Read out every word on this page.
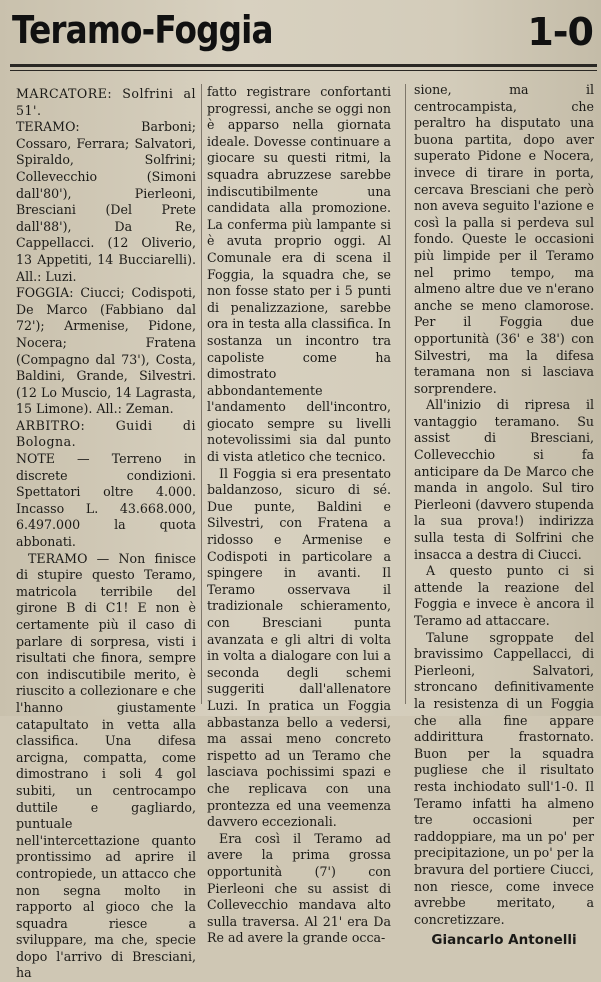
Teramo-Foggia	1-0

MARCATORE: Solfrini al 51'.

TERAMO: Barboni; Cossaro, Ferrara; Salvatori, Spiraldo, Solfrini; Collevecchio (Simoni dall'80'), Pierleoni, Bresciani (Del Prete dall'88'), Da Re, Cappellacci. (12 Oliverio, 13 Appetiti, 14 Bucciarelli). All.: Luzi.

FOGGIA: Ciucci; Codispoti, De Marco (Fabbiano dal 72'); Armenise, Pidone, Nocera; Fratena (Compagno dal 73'), Costa, Baldini, Grande, Silvestri. (12 Lo Muscio, 14 Lagrasta, 15 Limone). All.: Zeman.

ARBITRO: Guidi di Bologna.

NOTE — Terreno in discrete condizioni. Spettatori oltre 4.000. Incasso L. 43.668.000, 6.497.000 la quota abbonati.

TERAMO — Non finisce di stupire questo Teramo, matricola terribile del girone B di C1! E non è certamente più il caso di parlare di sorpresa, visti i risultati che finora, sempre con indiscutibile merito, è riuscito a collezionare e che l'hanno giustamente catapultato in vetta alla classifica. Una difesa arcigna, compatta, come dimostrano i soli 4 gol subiti, un centrocampo duttile e gagliardo, puntuale nell'intercettazione quanto prontissimo ad aprire il contropiede, un attacco che non segna molto in rapporto al gioco che la squadra riesce a sviluppare, ma che, specie dopo l'arrivo di Bresciani, ha

fatto registrare confortanti progressi, anche se oggi non è apparso nella giornata ideale. Dovesse continuare a giocare su questi ritmi, la squadra abruzzese sarebbe indiscutibilmente una candidata alla promozione. La conferma più lampante si è avuta proprio oggi. Al Comunale era di scena il Foggia, la squadra che, se non fosse stato per i 5 punti di penalizzazione, sarebbe ora in testa alla classifica. In sostanza un incontro tra capoliste come ha dimostrato abbondantemente l'andamento dell'incontro, giocato sempre su livelli notevolissimi sia dal punto di vista atletico che tecnico.

Il Foggia si era presentato baldanzoso, sicuro di sé. Due punte, Baldini e Silvestri, con Fratena a ridosso e Armenise e Codispoti in particolare a spingere in avanti. Il Teramo osservava il tradizionale schieramento, con Bresciani punta avanzata e gli altri di volta in volta a dialogare con lui a seconda degli schemi suggeriti dall'allenatore Luzi. In pratica un Foggia abbastanza bello a vedersi, ma assai meno concreto rispetto ad un Teramo che lasciava pochissimi spazi e che replicava con una prontezza ed una veemenza davvero eccezionali.

Era così il Teramo ad avere la prima grossa opportunità (7') con Pierleoni che su assist di Collevecchio mandava alto sulla traversa. Al 21' era Da Re ad avere la grande occa-

sione, ma il centrocampista, che peraltro ha disputato una buona partita, dopo aver superato Pidone e Nocera, invece di tirare in porta, cercava Bresciani che però non aveva seguito l'azione e così la palla si perdeva sul fondo. Queste le occasioni più limpide per il Teramo nel primo tempo, ma almeno altre due ve n'erano anche se meno clamorose. Per il Foggia due opportunità (36' e 38') con Silvestri, ma la difesa teramana non si lasciava sorprendere.

All'inizio di ripresa il vantaggio teramano. Su assist di Bresciani, Collevecchio si fa anticipare da De Marco che manda in angolo. Sul tiro Pierleoni (davvero stupenda la sua prova!) indirizza sulla testa di Solfrini che insacca a destra di Ciucci.

A questo punto ci si attende la reazione del Foggia e invece è ancora il Teramo ad attaccare.

Talune sgroppate del bravissimo Cappellacci, di Pierleoni, Salvatori, stroncano definitivamente la resistenza di un Foggia che alla fine appare addirittura frastornato. Buon per la squadra pugliese che il risultato resta inchiodato sull'1-0. Il Teramo infatti ha almeno tre occasioni per raddoppiare, ma un po' per precipitazione, un po' per la bravura del portiere Ciucci, non riesce, come invece avrebbe meritato, a concretizzare.

Giancarlo Antonelli
